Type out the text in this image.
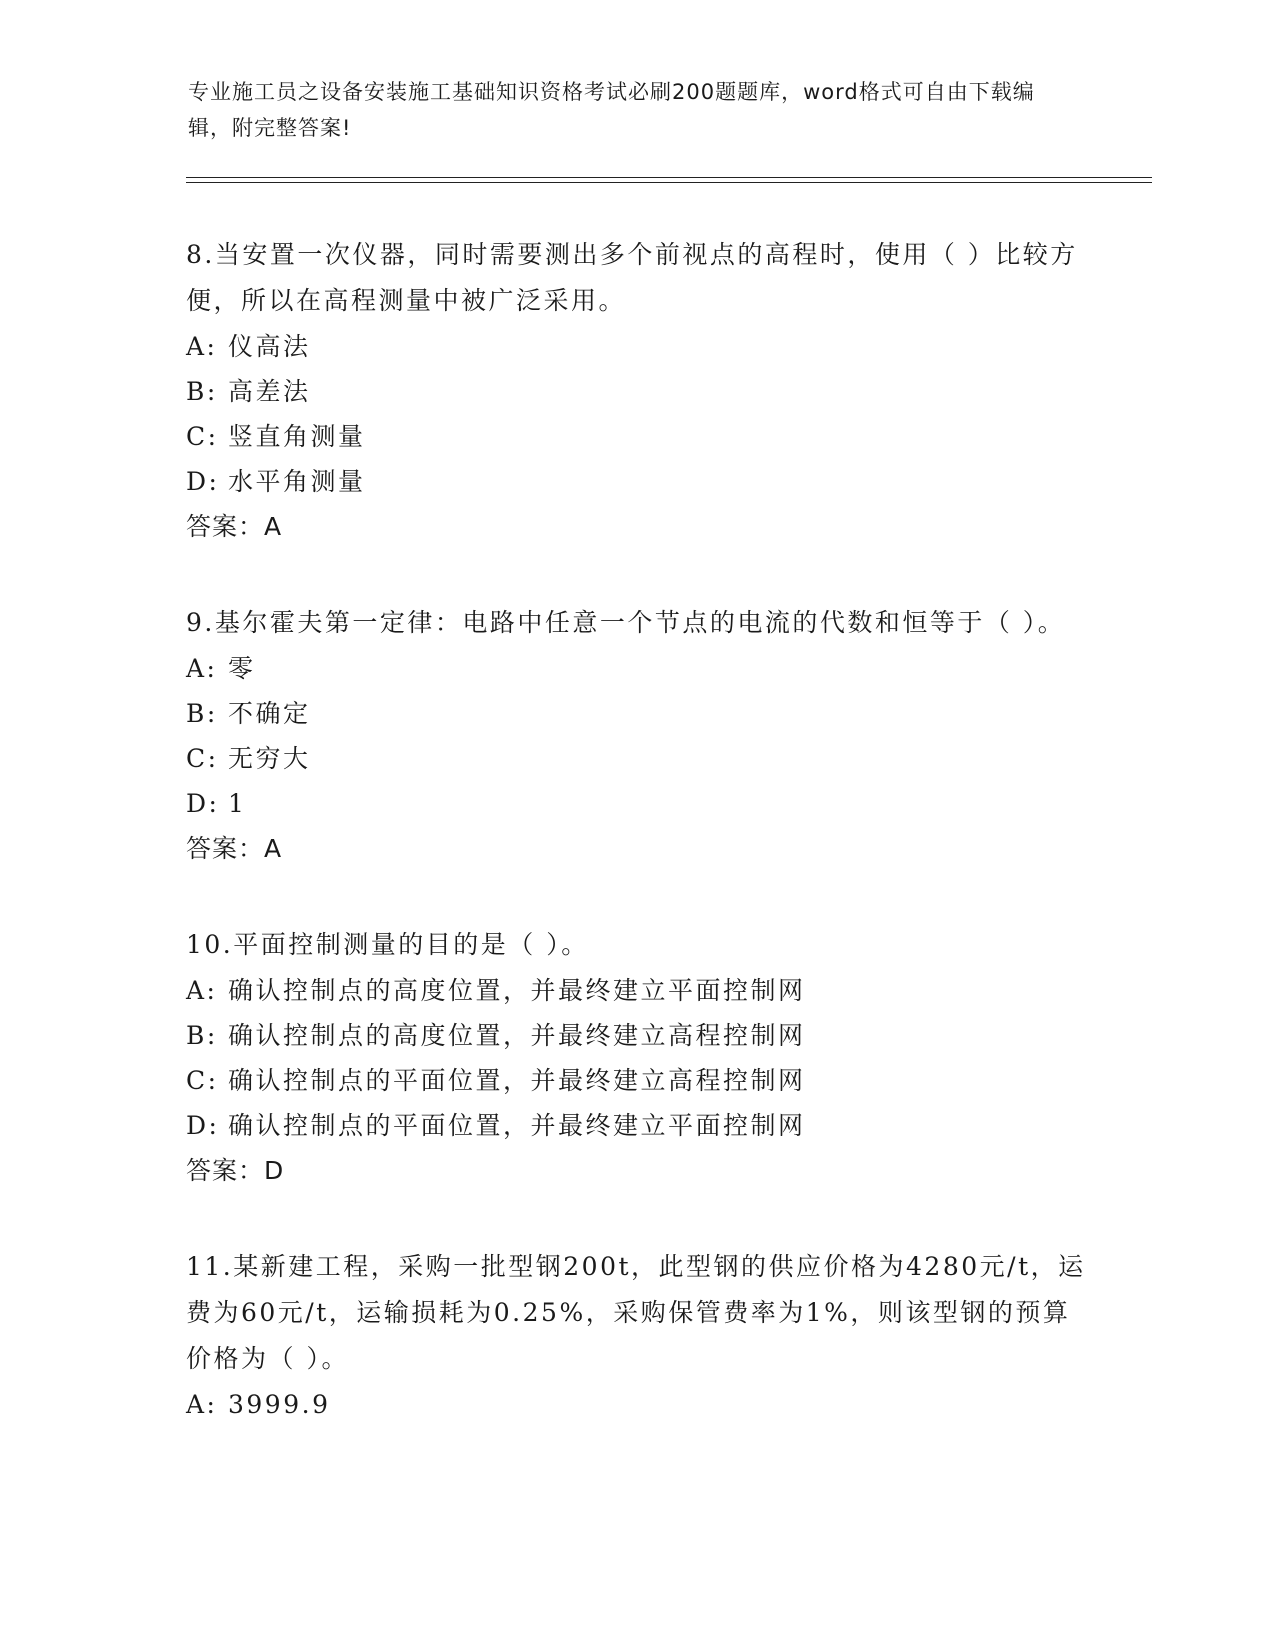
专业施工员之设备安装施工基础知识资格考试必刷200题题库，word格式可自由下载编辑，附完整答案!
8.当安置一次仪器，同时需要测出多个前视点的高程时，使用（ ）比较方便，所以在高程测量中被广泛采用。
A: 仪高法
B: 高差法
C: 竖直角测量
D: 水平角测量
答案：A
9.基尔霍夫第一定律：电路中任意一个节点的电流的代数和恒等于（ ）。
A: 零
B: 不确定
C: 无穷大
D: 1
答案：A
10.平面控制测量的目的是（ ）。
A: 确认控制点的高度位置，并最终建立平面控制网
B: 确认控制点的高度位置，并最终建立高程控制网
C: 确认控制点的平面位置，并最终建立高程控制网
D: 确认控制点的平面位置，并最终建立平面控制网
答案：D
11.某新建工程，采购一批型钢200t，此型钢的供应价格为4280元/t，运费为60元/t，运输损耗为0.25%，采购保管费率为1%，则该型钢的预算价格为（ ）。
A: 3999.9
